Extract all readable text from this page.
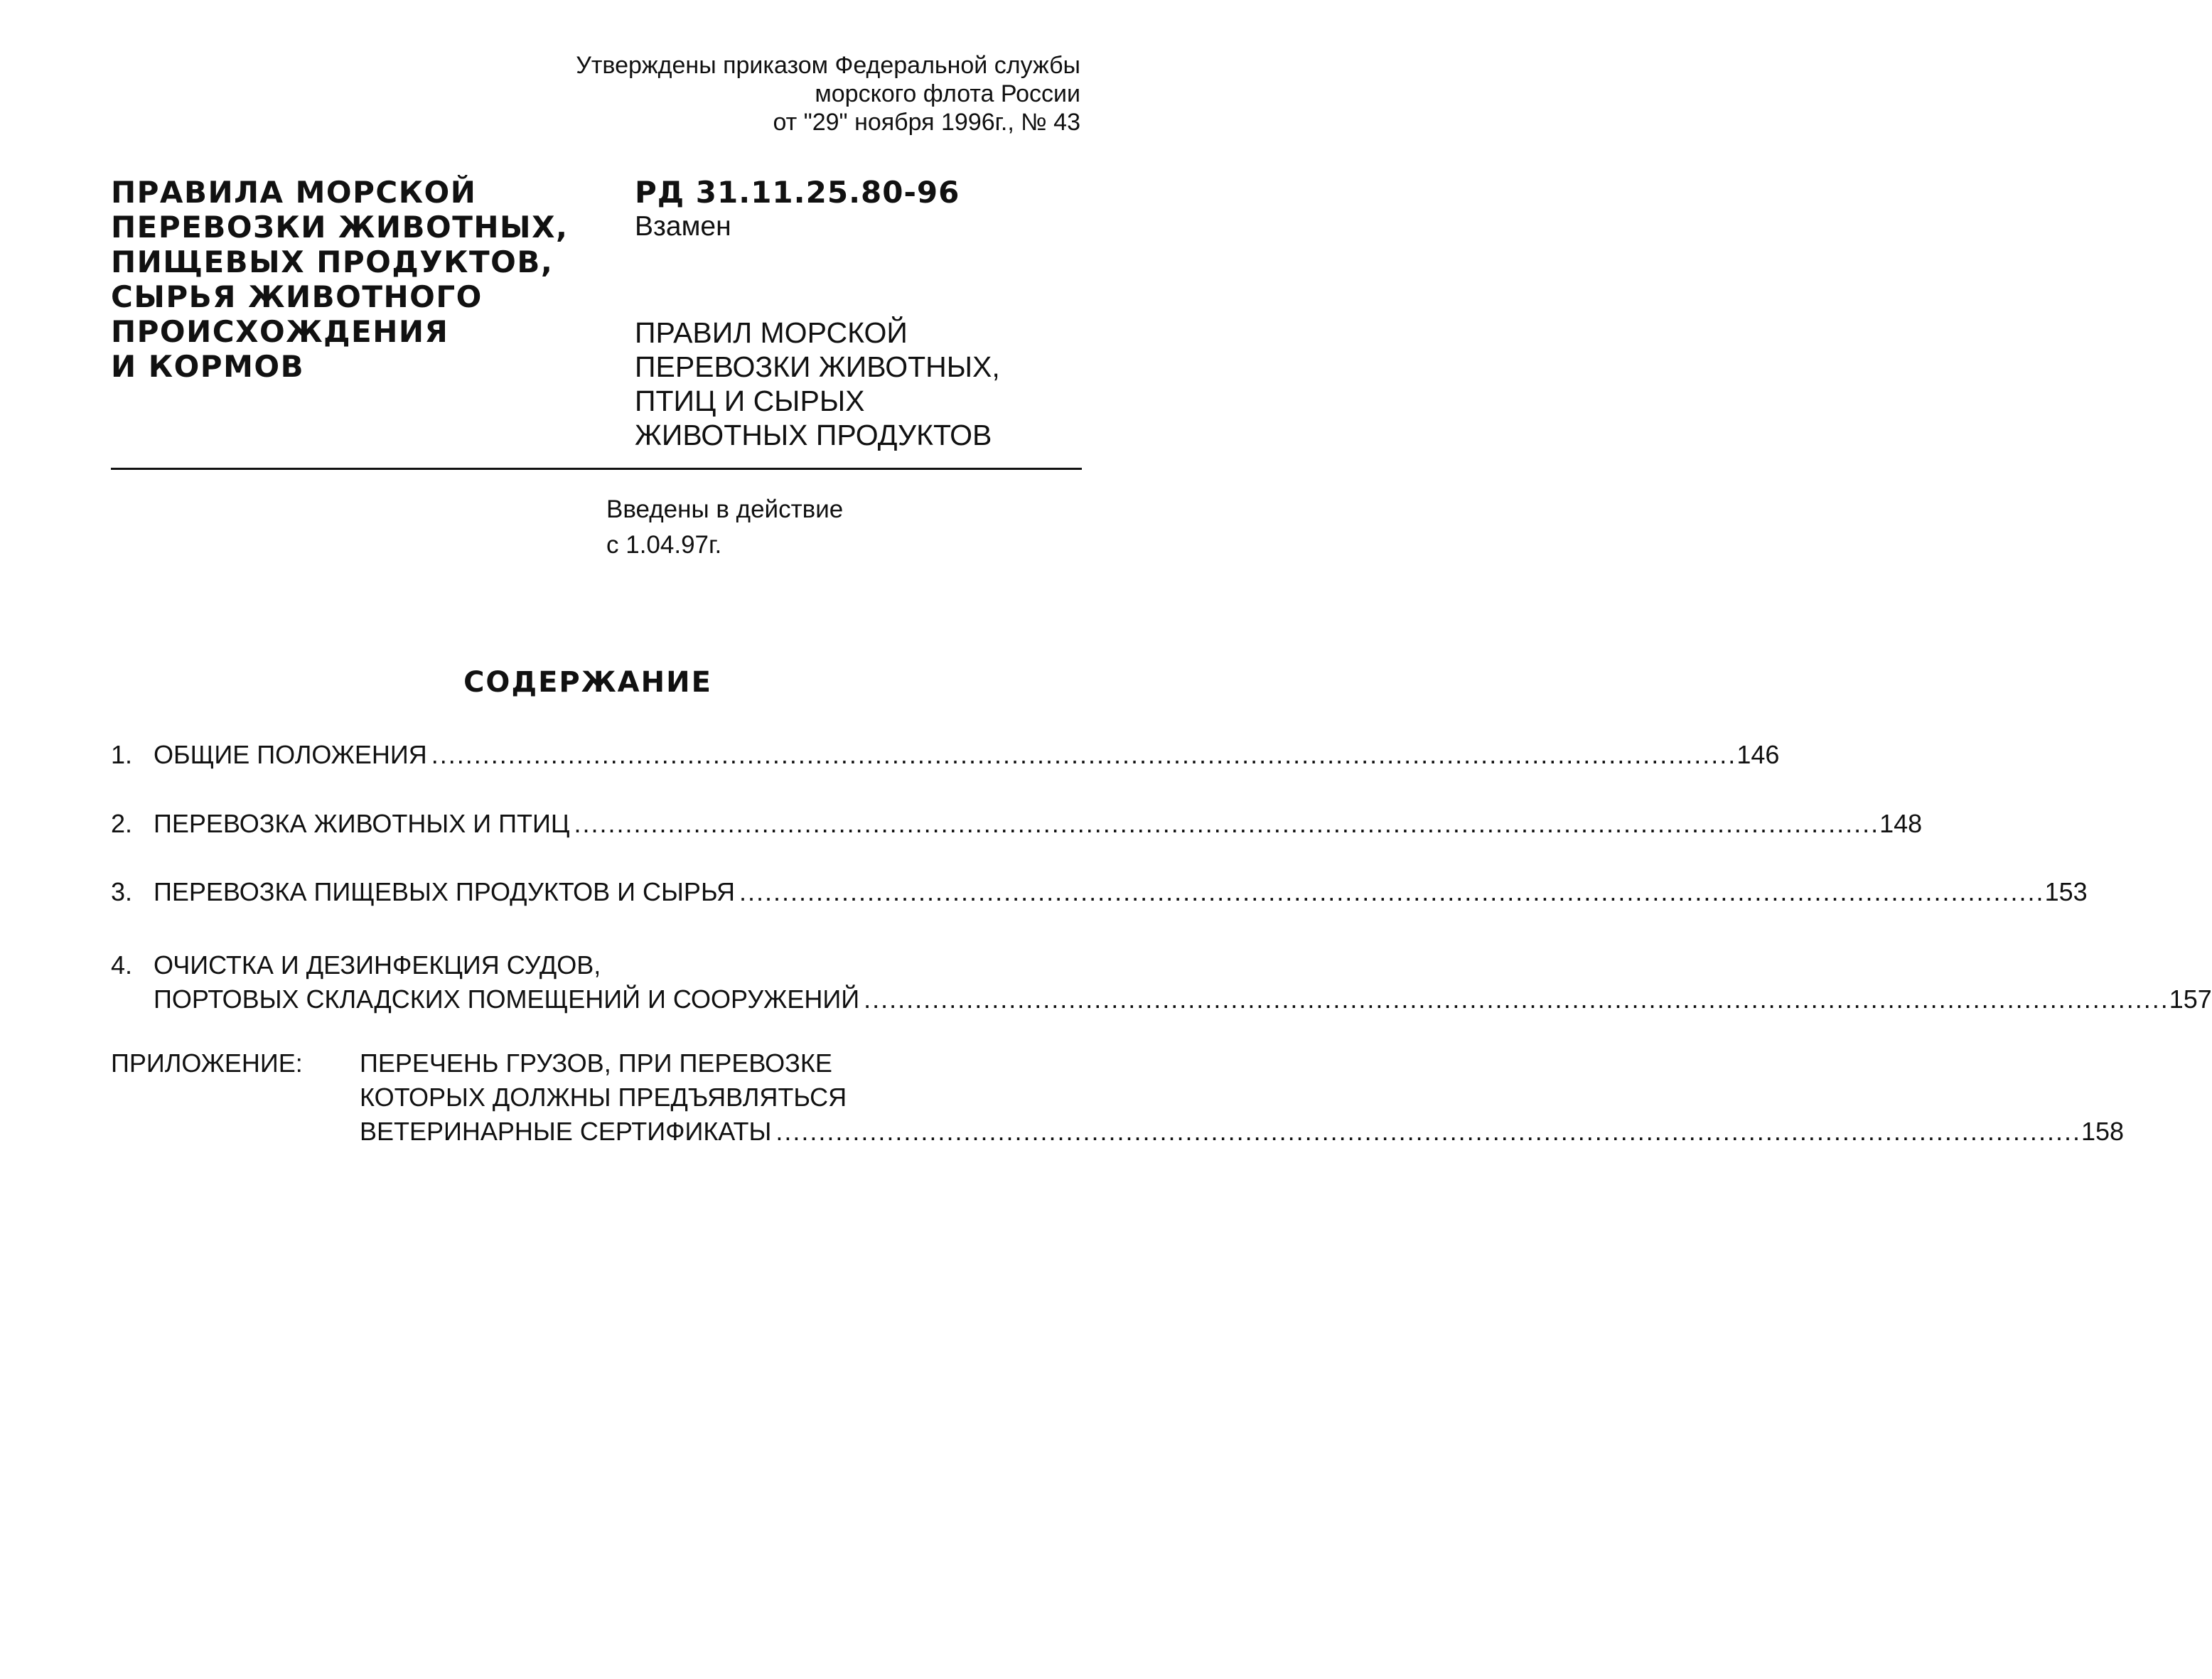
Утверждены приказом Федеральной службы
морского флота России
от "29" ноября 1996г., № 43
ПРАВИЛА МОРСКОЙ
ПЕРЕВОЗКИ ЖИВОТНЫХ,
ПИЩЕВЫХ ПРОДУКТОВ,
СЫРЬЯ ЖИВОТНОГО
ПРОИСХОЖДЕНИЯ
И КОРМОВ
РД 31.11.25.80-96
Взамен
ПРАВИЛ МОРСКОЙ
ПЕРЕВОЗКИ ЖИВОТНЫХ,
ПТИЦ И СЫРЫХ
ЖИВОТНЫХ ПРОДУКТОВ
Введены в действие
с 1.04.97г.
СОДЕРЖАНИЕ
1. ОБЩИЕ ПОЛОЖЕНИЯ . . .	146
2. ПЕРЕВОЗКА ЖИВОТНЫХ И ПТИЦ . . .	148
3. ПЕРЕВОЗКА ПИЩЕВЫХ ПРОДУКТОВ И СЫРЬЯ . . .	153
4. ОЧИСТКА И ДЕЗИНФЕКЦИЯ СУДОВ,
ПОРТОВЫХ СКЛАДСКИХ ПОМЕЩЕНИЙ И СООРУЖЕНИЙ . . .	157
ПРИЛОЖЕНИЕ:	ПЕРЕЧЕНЬ ГРУЗОВ, ПРИ ПЕРЕВОЗКЕ
КОТОРЫХ ДОЛЖНЫ ПРЕДЪЯВЛЯТЬСЯ
ВЕТЕРИНАРНЫЕ СЕРТИФИКАТЫ . . .	158
